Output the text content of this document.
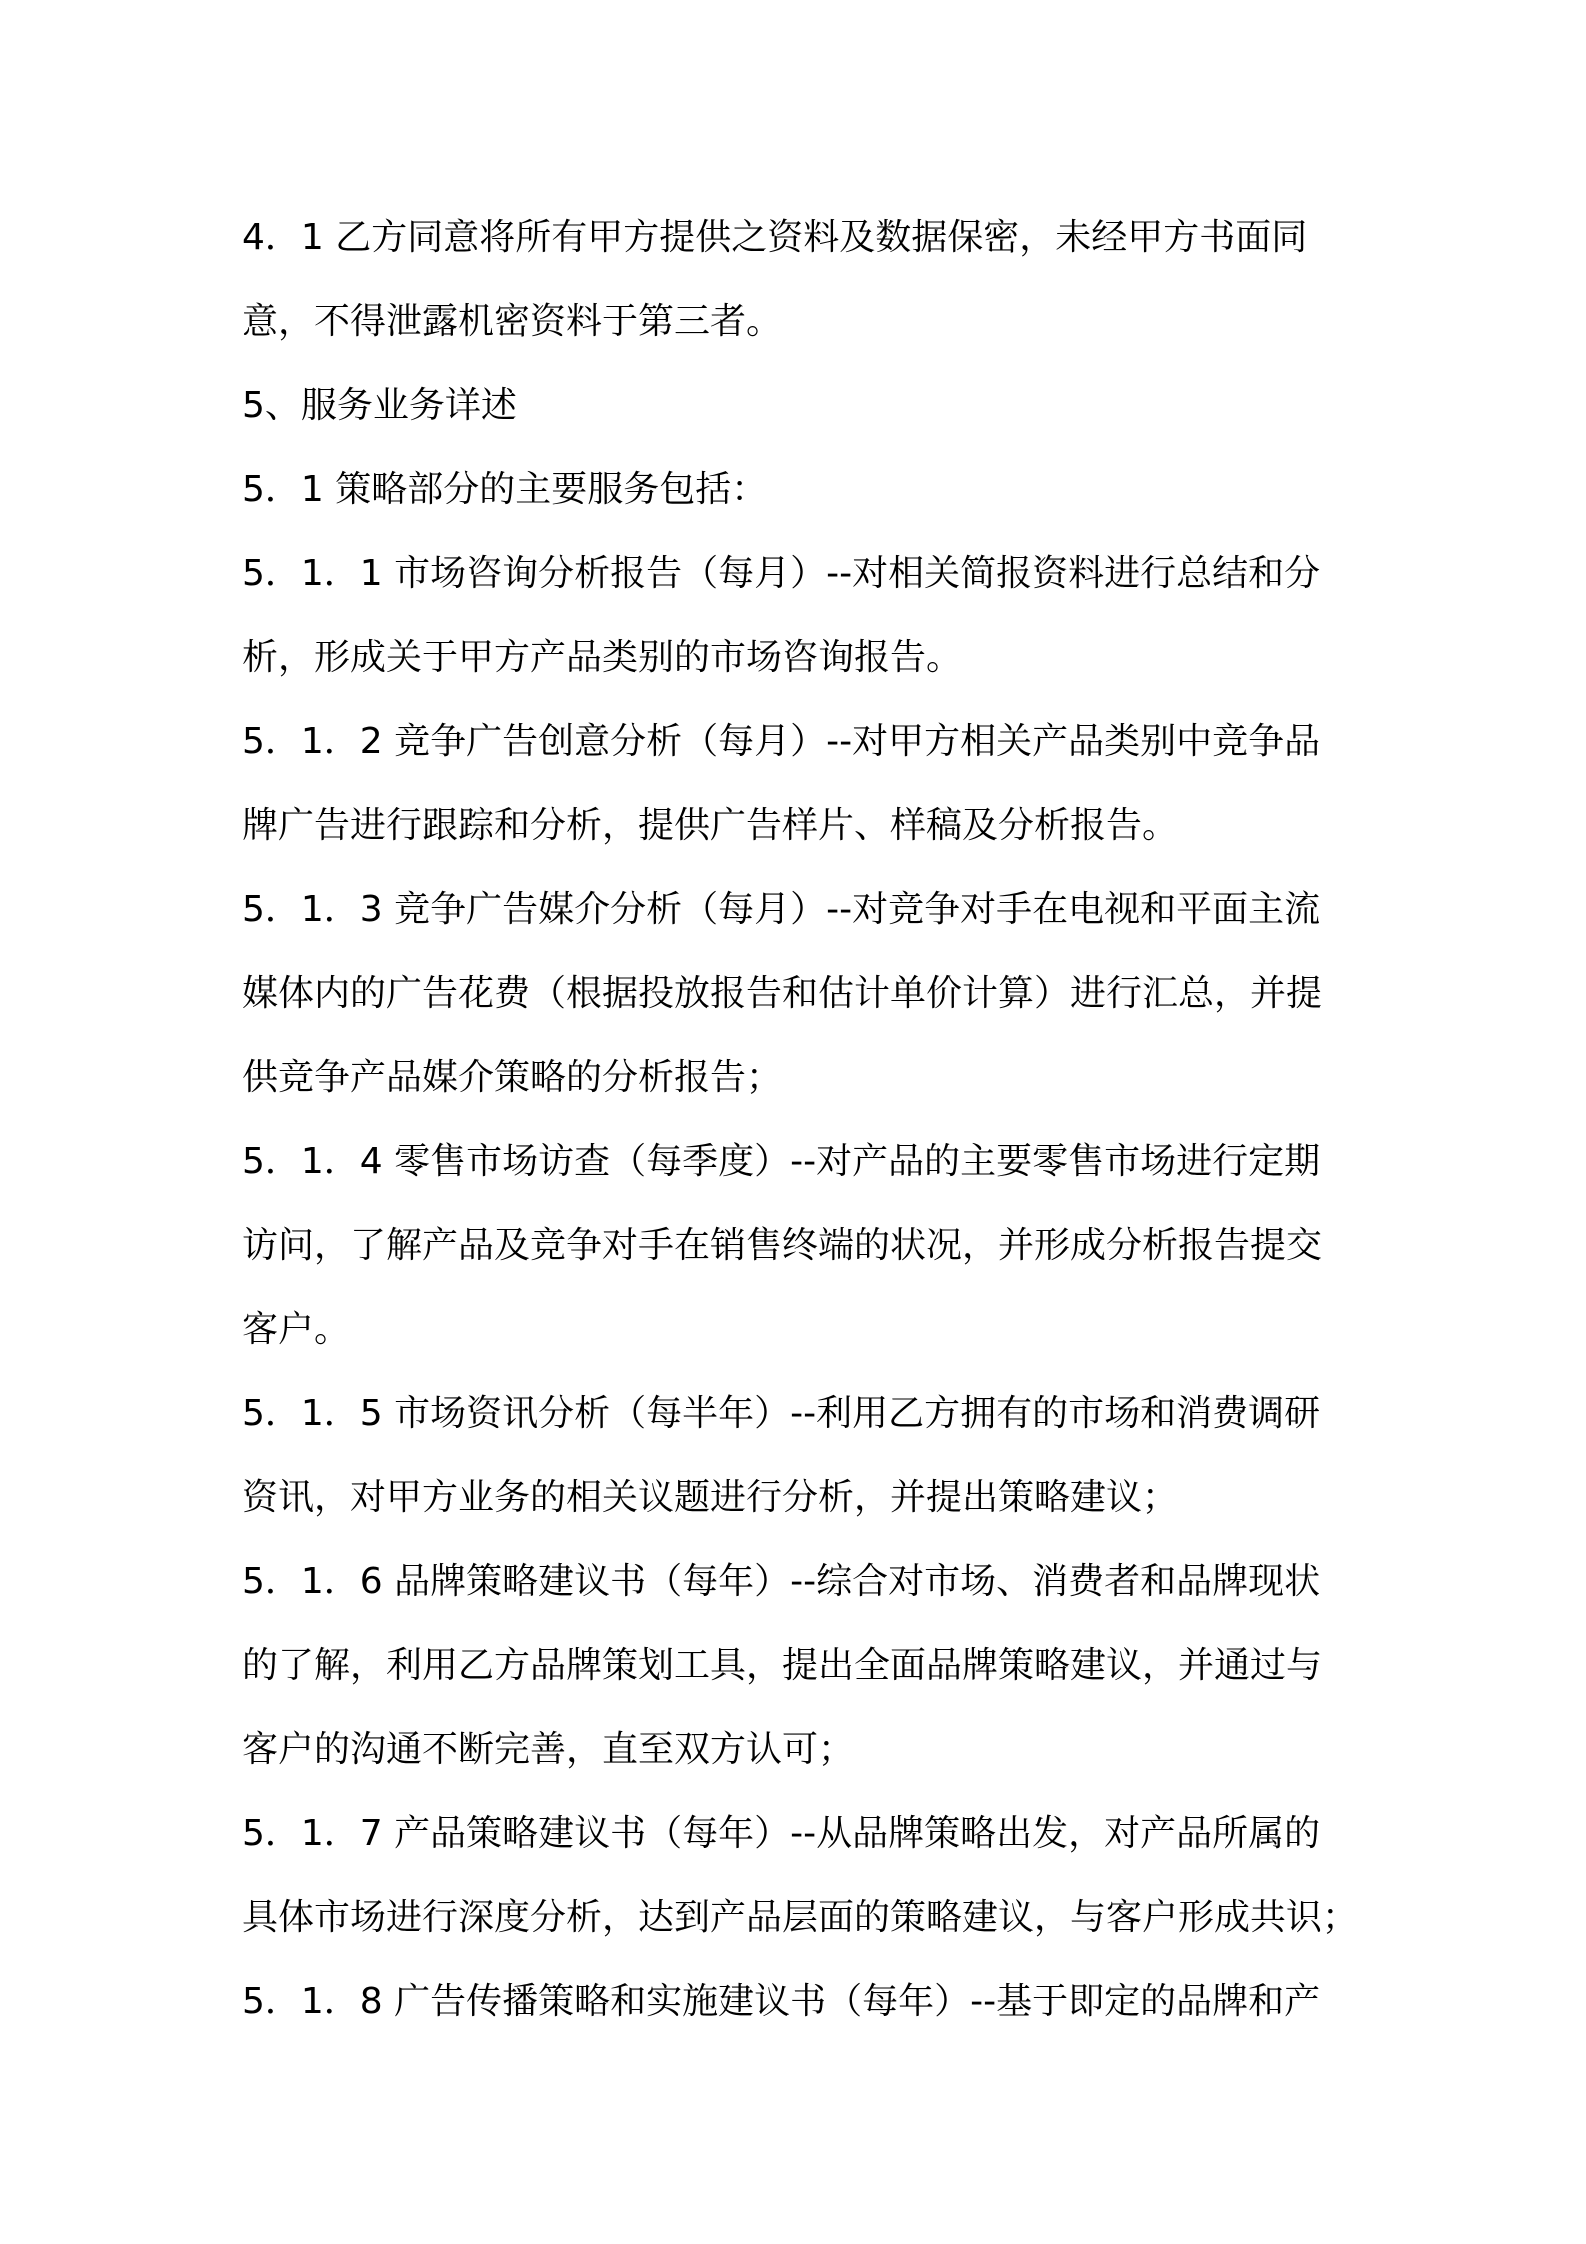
4．1 乙方同意将所有甲方提供之资料及数据保密，未经甲方书面同
意，不得泄露机密资料于第三者。
5、服务业务详述
5．1 策略部分的主要服务包括：
5．1．1 市场咨询分析报告（每月）--对相关简报资料进行总结和分
析，形成关于甲方产品类别的市场咨询报告。
5．1．2 竞争广告创意分析（每月）--对甲方相关产品类别中竞争品
牌广告进行跟踪和分析，提供广告样片、样稿及分析报告。
5．1．3 竞争广告媒介分析（每月）--对竞争对手在电视和平面主流
媒体内的广告花费（根据投放报告和估计单价计算）进行汇总，并提
供竞争产品媒介策略的分析报告；
5．1．4 零售市场访查（每季度）--对产品的主要零售市场进行定期
访问，了解产品及竞争对手在销售终端的状况，并形成分析报告提交
客户。
5．1．5 市场资讯分析（每半年）--利用乙方拥有的市场和消费调研
资讯，对甲方业务的相关议题进行分析，并提出策略建议；
5．1．6 品牌策略建议书（每年）--综合对市场、消费者和品牌现状
的了解，利用乙方品牌策划工具，提出全面品牌策略建议，并通过与
客户的沟通不断完善，直至双方认可；
5．1．7 产品策略建议书（每年）--从品牌策略出发，对产品所属的
具体市场进行深度分析，达到产品层面的策略建议，与客户形成共识；
5．1．8 广告传播策略和实施建议书（每年）--基于即定的品牌和产
